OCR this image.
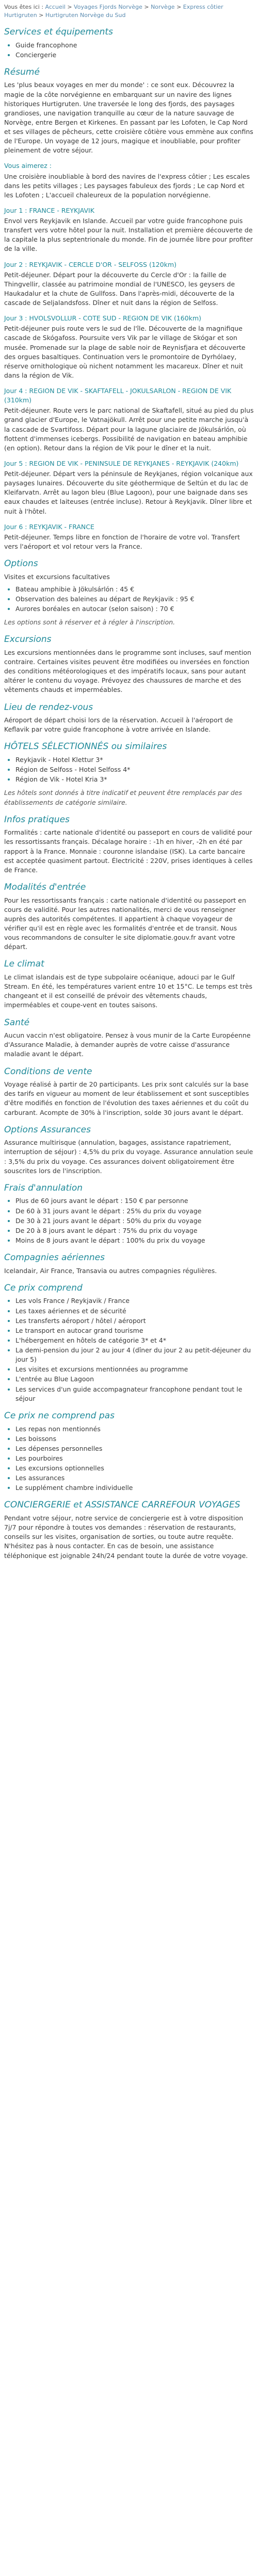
Vous êtes ici : Accueil > Voyages Fjords Norvège > Norvège > Express côtier Hurtigruten > Hurtigruten Norvège du Sud
Services et équipements
• Guide francophone
• Conciergerie
Résumé

Les 'plus beaux voyages en mer du monde' : ce sont eux. Découvrez la magie de la côte norvégienne en embarquant sur un navire des lignes historiques Hurtigruten. Une traversée le long des fjords, des paysages grandioses, une navigation tranquille au cœur de la nature sauvage de Norvège, entre Bergen et Kirkenes. En passant par les Lofoten, le Cap Nord et ses villages de pêcheurs, cette croisière côtière vous emmène aux confins de l'Europe. Un voyage de 12 jours, magique et inoubliable, pour profiter pleinement de votre séjour.

Vous aimerez :

Une croisière inoubliable à bord des navires de l'express côtier ; Les escales dans les petits villages ; Les paysages fabuleux des fjords ; Le cap Nord et les Lofoten ; L'accueil chaleureux de la population norvégienne.

Jour 1 : FRANCE - REYKJAVIK

Envol vers Reykjavik en Islande. Accueil par votre guide francophone puis transfert vers votre hôtel pour la nuit. Installation et première découverte de la capitale la plus septentrionale du monde. Fin de journée libre pour profiter de la ville.

Jour 2 : REYKJAVIK - CERCLE D'OR - SELFOSS (120km)

Petit-déjeuner. Départ pour la découverte du Cercle d'Or : la faille de Thingvellir, classée au patrimoine mondial de l'UNESCO, les geysers de Haukadalur et la chute de Gullfoss. Dans l'après-midi, découverte de la cascade de Seljalandsfoss. Dîner et nuit dans la région de Selfoss.

Jour 3 : HVOLSVOLLUR - COTE SUD - REGION DE VIK (160km)

Petit-déjeuner puis route vers le sud de l'île. Découverte de la magnifique cascade de Skógafoss. Poursuite vers Vik par le village de Skógar et son musée. Promenade sur la plage de sable noir de Reynisfjara et découverte des orgues basaltiques. Continuation vers le promontoire de Dyrhólaey, réserve ornithologique où nichent notamment les macareux. Dîner et nuit dans la région de Vik.

Jour 4 : REGION DE VIK - SKAFTAFELL - JOKULSARLON - REGION DE VIK (310km)

Petit-déjeuner. Route vers le parc national de Skaftafell, situé au pied du plus grand glacier d'Europe, le Vatnajökull. Arrêt pour une petite marche jusqu'à la cascade de Svartifoss. Départ pour la lagune glaciaire de Jökulsárlón, où flottent d'immenses icebergs. Possibilité de navigation en bateau amphibie (en option). Retour dans la région de Vik pour le dîner et la nuit.

Jour 5 : REGION DE VIK - PENINSULE DE REYKJANES - REYKJAVIK (240km)

Petit-déjeuner. Départ vers la péninsule de Reykjanes, région volcanique aux paysages lunaires. Découverte du site géothermique de Seltún et du lac de Kleifarvatn. Arrêt au lagon bleu (Blue Lagoon), pour une baignade dans ses eaux chaudes et laiteuses (entrée incluse). Retour à Reykjavik. Dîner libre et nuit à l'hôtel.

Jour 6 : REYKJAVIK - FRANCE

Petit-déjeuner. Temps libre en fonction de l'horaire de votre vol. Transfert vers l'aéroport et vol retour vers la France.

Options

Visites et excursions facultatives

• Bateau amphibie à Jökulsárlón : 45 €
• Observation des baleines au départ de Reykjavik : 95 €
• Aurores boréales en autocar (selon saison) : 70 €

Les options sont à réserver et à régler à l'inscription.

Excursions

Les excursions mentionnées dans le programme sont incluses, sauf mention contraire. Certaines visites peuvent être modifiées ou inversées en fonction des conditions météorologiques et des impératifs locaux, sans pour autant altérer le contenu du voyage. Prévoyez des chaussures de marche et des vêtements chauds et imperméables.

Lieu de rendez-vous

Aéroport de départ choisi lors de la réservation. Accueil à l'aéroport de Keflavik par votre guide francophone à votre arrivée en Islande.

HÔTELS SÉLECTIONNÉS ou similaires
• Reykjavik - Hotel Klettur 3*
• Région de Selfoss - Hotel Selfoss 4*
• Région de Vik - Hotel Kria 3*

Les hôtels sont donnés à titre indicatif et peuvent être remplacés par des établissements de catégorie similaire.

Infos pratiques

Formalités : carte nationale d'identité ou passeport en cours de validité pour les ressortissants français. Décalage horaire : -1h en hiver, -2h en été par rapport à la France. Monnaie : couronne islandaise (ISK). La carte bancaire est acceptée quasiment partout. Électricité : 220V, prises identiques à celles de France.

Modalités d'entrée

Pour les ressortissants français : carte nationale d'identité ou passeport en cours de validité. Pour les autres nationalités, merci de vous renseigner auprès des autorités compétentes. Il appartient à chaque voyageur de vérifier qu'il est en règle avec les formalités d'entrée et de transit. Nous vous recommandons de consulter le site diplomatie.gouv.fr avant votre départ.

Le climat

Le climat islandais est de type subpolaire océanique, adouci par le Gulf Stream. En été, les températures varient entre 10 et 15°C. Le temps est très changeant et il est conseillé de prévoir des vêtements chauds, imperméables et coupe-vent en toutes saisons.

Santé

Aucun vaccin n'est obligatoire. Pensez à vous munir de la Carte Européenne d'Assurance Maladie, à demander auprès de votre caisse d'assurance maladie avant le départ.

Conditions de vente

Voyage réalisé à partir de 20 participants. Les prix sont calculés sur la base des tarifs en vigueur au moment de leur établissement et sont susceptibles d'être modifiés en fonction de l'évolution des taxes aériennes et du coût du carburant. Acompte de 30% à l'inscription, solde 30 jours avant le départ.

Options Assurances

Assurance multirisque (annulation, bagages, assistance rapatriement, interruption de séjour) : 4,5% du prix du voyage. Assurance annulation seule : 3,5% du prix du voyage. Ces assurances doivent obligatoirement être souscrites lors de l'inscription.

Frais d'annulation
• Plus de 60 jours avant le départ : 150 € par personne
• De 60 à 31 jours avant le départ : 25% du prix du voyage
• De 30 à 21 jours avant le départ : 50% du prix du voyage
• De 20 à 8 jours avant le départ : 75% du prix du voyage
• Moins de 8 jours avant le départ : 100% du prix du voyage
Compagnies aériennes

Icelandair, Air France, Transavia ou autres compagnies régulières.

Ce prix comprend
• Les vols France / Reykjavik / France
• Les taxes aériennes et de sécurité
• Les transferts aéroport / hôtel / aéroport
• Le transport en autocar grand tourisme
• L'hébergement en hôtels de catégorie 3* et 4*
• La demi-pension du jour 2 au jour 4 (dîner du jour 2 au petit-déjeuner du jour 5)
• Les visites et excursions mentionnées au programme
• L'entrée au Blue Lagoon
• Les services d'un guide accompagnateur francophone pendant tout le séjour
Ce prix ne comprend pas
• Les repas non mentionnés
• Les boissons
• Les dépenses personnelles
• Les pourboires
• Les excursions optionnelles
• Les assurances
• Le supplément chambre individuelle
CONCIERGERIE et ASSISTANCE CARREFOUR VOYAGES

Pendant votre séjour, notre service de conciergerie est à votre disposition 7j/7 pour répondre à toutes vos demandes : réservation de restaurants, conseils sur les visites, organisation de sorties, ou toute autre requête. N'hésitez pas à nous contacter. En cas de besoin, une assistance téléphonique est joignable 24h/24 pendant toute la durée de votre voyage.
